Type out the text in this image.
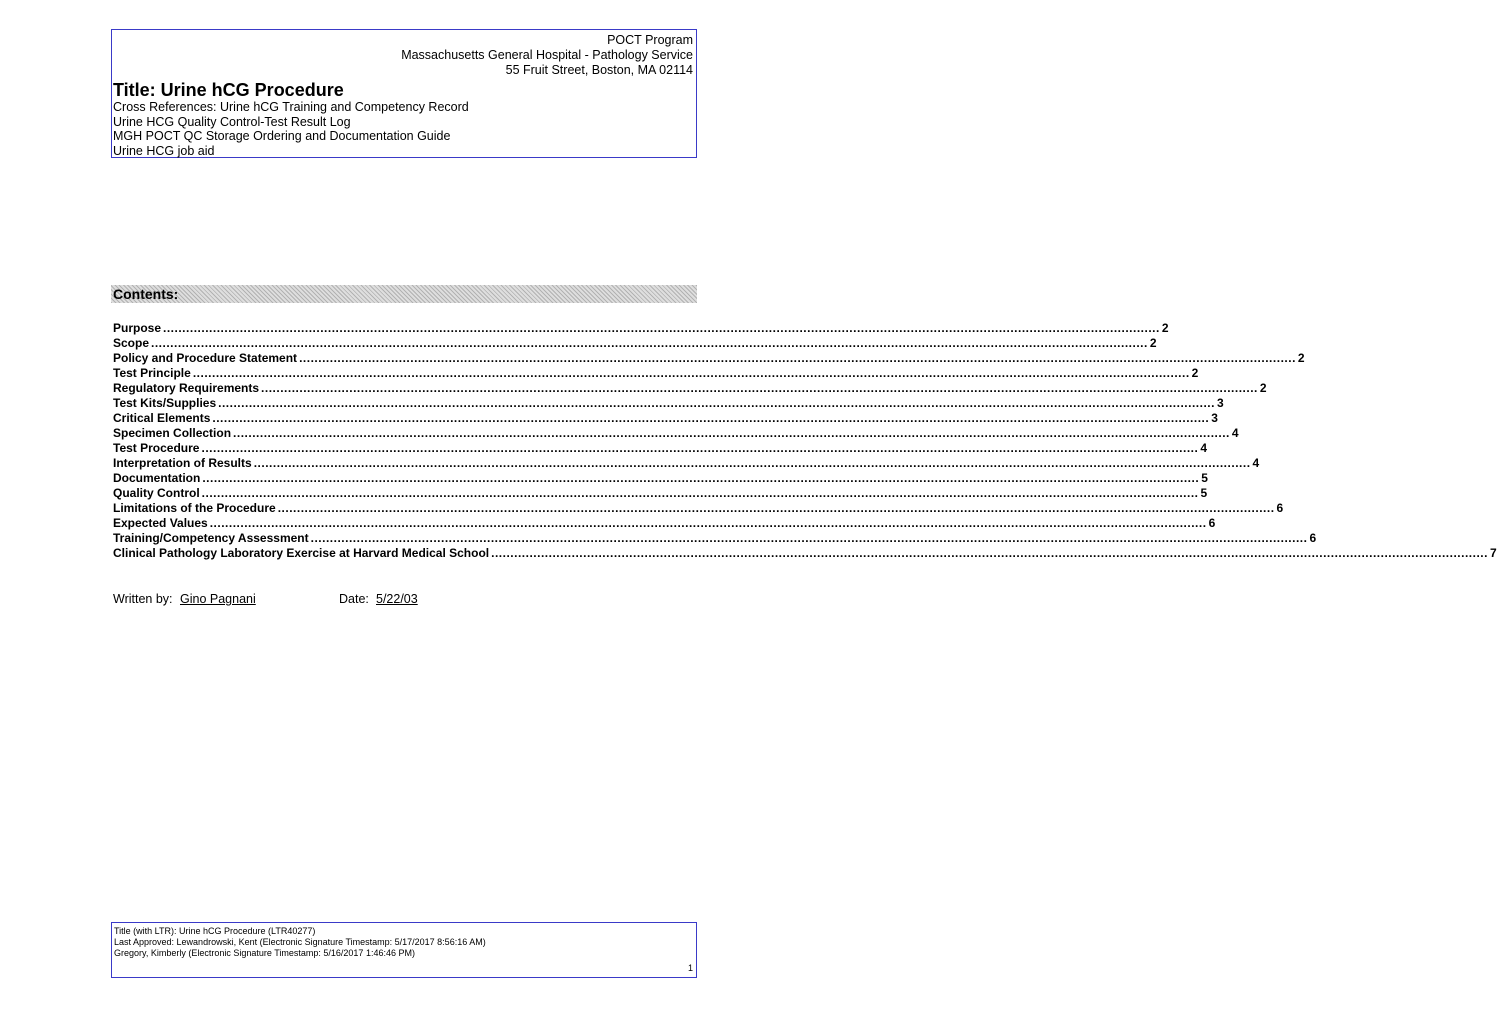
POCT Program
Massachusetts General Hospital - Pathology Service
55 Fruit Street, Boston, MA 02114
Title: Urine hCG Procedure
Cross References: Urine hCG Training and Competency Record
Urine HCG Quality Control-Test Result Log
MGH POCT QC Storage Ordering and Documentation Guide
Urine HCG job aid
Contents:
Purpose .................................................................................................................................................................................................................................................................... 2
Scope .................................................................................................................................................................................................................................................................... 2
Policy and Procedure Statement .................................................................................................................................................................................................................................................................... 2
Test Principle .................................................................................................................................................................................................................................................................... 2
Regulatory Requirements .................................................................................................................................................................................................................................................................... 2
Test Kits/Supplies .................................................................................................................................................................................................................................................................... 3
Critical Elements .................................................................................................................................................................................................................................................................... 3
Specimen Collection .................................................................................................................................................................................................................................................................... 4
Test Procedure .................................................................................................................................................................................................................................................................... 4
Interpretation of Results .................................................................................................................................................................................................................................................................... 4
Documentation .................................................................................................................................................................................................................................................................... 5
Quality Control .................................................................................................................................................................................................................................................................... 5
Limitations of the Procedure .................................................................................................................................................................................................................................................................... 6
Expected Values .................................................................................................................................................................................................................................................................... 6
Training/Competency Assessment .................................................................................................................................................................................................................................................................... 6
Clinical Pathology Laboratory Exercise at Harvard Medical School .................................................................................................................................................................................................................................................................... 7
Written by: Gino Pagnani	Date: 5/22/03
Title (with LTR): Urine hCG Procedure (LTR40277)
Last Approved: Lewandrowski, Kent (Electronic Signature Timestamp: 5/17/2017 8:56:16 AM)
Gregory, Kimberly (Electronic Signature Timestamp: 5/16/2017 1:46:46 PM)
1
